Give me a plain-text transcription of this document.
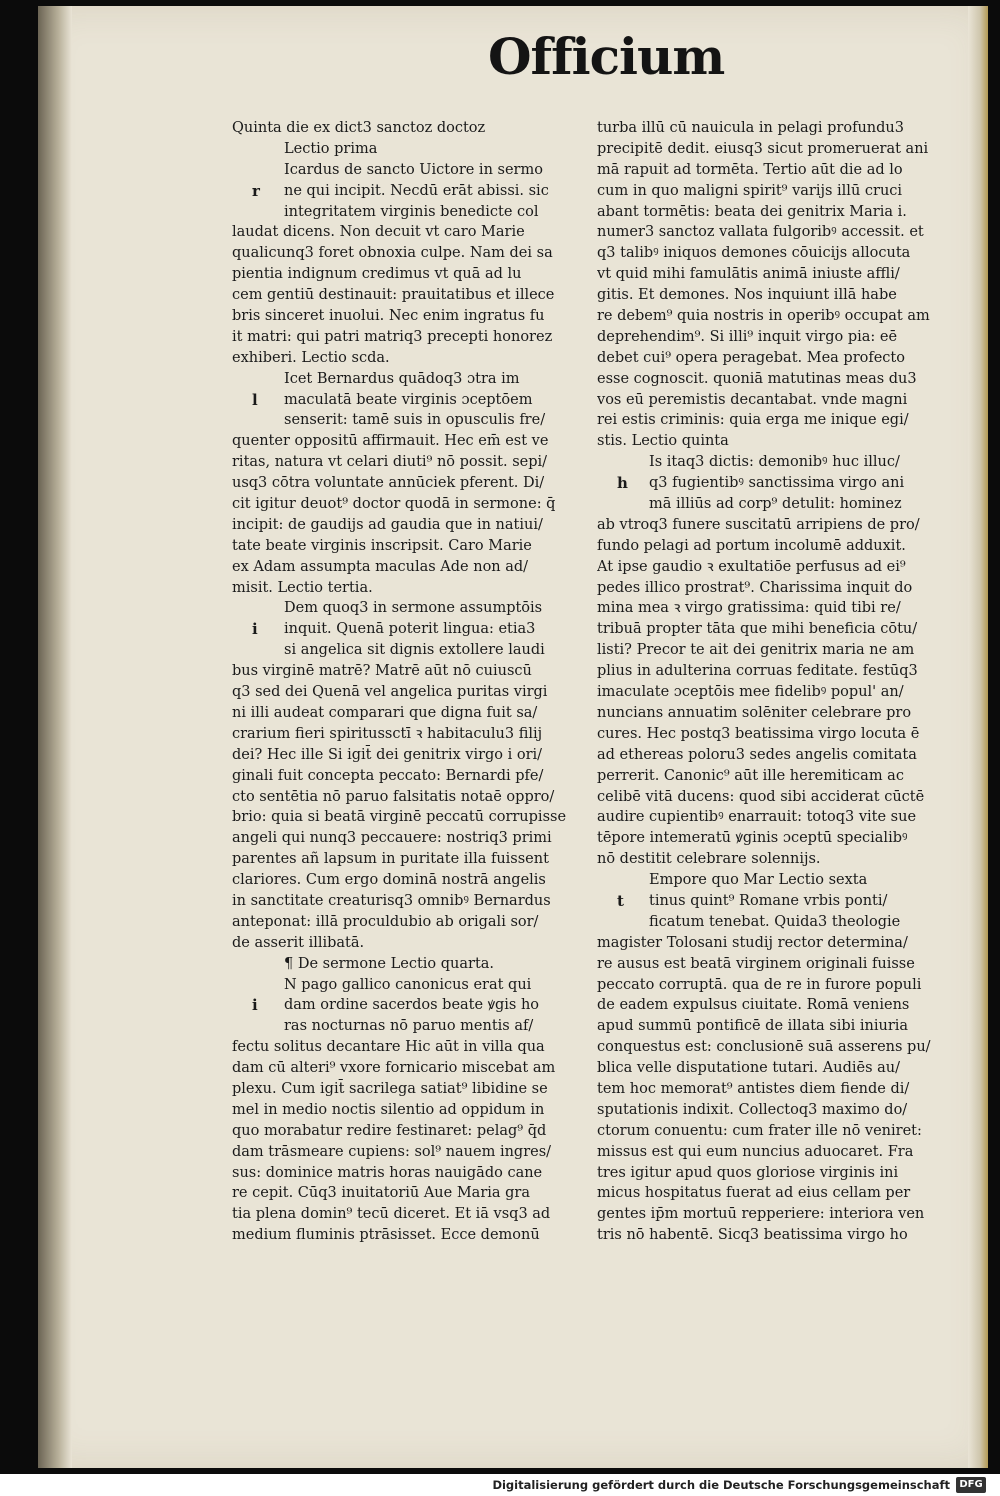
Officium
Quinta die ex dict3 sanctoz doctoz
Lectio prima
Icardus de sancto Uictore in sermo
r ne qui incipit. Necdū erāt abissi. sic
integritatem virginis benedicte col
laudat dicens. Non decuit vt caro Marie
qualicunq3 foret obnoxia culpe. Nam dei sa
pientia indignum credimus vt quā ad lu
cem gentiū destinauit: prauitatibus et illece
bris sinceret inuolui. Nec enim ingratus fu
it matri: qui patri matriq3 precepti honorez
exhiberi. Lectio scda.
Icet Bernardus quādoq3 ɔtra im
l maculatā beate virginis ɔceptōem
senserit: tamē suis in opusculis fre/
quenter oppositū affirmauit. Hec em̄ est ve
ritas, natura vt celari diuti⁹ nō possit. sepi/
usq3 cōtra voluntate annūciek pferent. Di/
cit igitur deuot⁹ doctor quodā in sermone: q̄
incipit: de gaudijs ad gaudia que in natiui/
tate beate virginis inscripsit. Caro Marie
ex Adam assumpta maculas Ade non ad/
misit. Lectio tertia.
Dem quoq3 in sermone assumptōis
i inquit. Quenā poterit lingua: etia3
si angelica sit dignis extollere laudi
bus virginē matrē? Matrē aūt nō cuiuscū
q3 sed dei Quenā vel angelica puritas virgi
ni illi audeat comparari que digna fuit sa/
crarium fieri spiritussctī ꝛ habitaculu3 filij
dei? Hec ille Si igit̄ dei genitrix virgo i ori/
ginali fuit concepta peccato: Bernardi pfe/
cto sentētia nō paruo falsitatis notaē oppro/
brio: quia si beatā virginē peccatū corrupisse
angeli qui nunq3 peccauere: nostriq3 primi
parentes añ lapsum in puritate illa fuissent
clariores. Cum ergo dominā nostrā angelis
in sanctitate creaturisq3 omnibꝰ Bernardus
anteponat: illā proculdubio ab origali sor/
de asserit illibatā.
¶ De sermone Lectio quarta.
N pago gallico canonicus erat qui
i dam ordine sacerdos beate ꝟgis ho
ras nocturnas nō paruo mentis af/
fectu solitus decantare Hic aūt in villa qua
dam cū alteri⁹ vxore fornicario miscebat am
plexu. Cum igit̄ sacrilega satiat⁹ libidine se
mel in medio noctis silentio ad oppidum in
quo morabatur redire festinaret: pelag⁹ q̄d
dam trāsmeare cupiens: sol⁹ nauem ingres/
sus: dominice matris horas nauigādo cane
re cepit. Cūq3 inuitatoriū Aue Maria gra
tia plena domin⁹ tecū diceret. Et iā vsq3 ad
medium fluminis ptrāsisset. Ecce demonū
turba illū cū nauicula in pelagi profundu3
precipitē dedit. eiusq3 sicut promeruerat ani
mā rapuit ad tormēta. Tertio aūt die ad lo
cum in quo maligni spirit⁹ varijs illū cruci
abant tormētis: beata dei genitrix Maria i.
numer3 sanctoz vallata fulgoribꝰ accessit. et
q3 talibꝰ iniquos demones cōuicijs allocuta
vt quid mihi famulātis animā iniuste affli/
gitis. Et demones. Nos inquiunt illā habe
re debem⁹ quia nostris in operibꝰ occupat am
deprehendim⁹. Si illi⁹ inquit virgo pia: eē
debet cui⁹ opera peragebat. Mea profecto
esse cognoscit. quoniā matutinas meas du3
vos eū peremistis decantabat. vnde magni
rei estis criminis: quia erga me inique egi/
stis. Lectio quinta
Is itaq3 dictis: demonibꝰ huc illuc/
h q3 fugientibꝰ sanctissima virgo ani
mā illiūs ad corp⁹ detulit: hominez
ab vtroq3 funere suscitatū arripiens de pro/
fundo pelagi ad portum incolumē adduxit.
At ipse gaudio ꝛ exultatiōe perfusus ad ei⁹
pedes illico prostrat⁹. Charissima inquit do
mina mea ꝛ virgo gratissima: quid tibi re/
tribuā propter tāta que mihi beneficia cōtu/
listi? Precor te ait dei genitrix maria ne am
plius in adulterina corruas feditate. festūq3
imaculate ɔceptōis mee fidelibꝰ popul' an/
nuncians annuatim solēniter celebrare pro
cures. Hec postq3 beatissima virgo locuta ē
ad ethereas poloru3 sedes angelis comitata
perrerit. Canonic⁹ aūt ille heremiticam ac
celibē vitā ducens: quod sibi acciderat cūctē
audire cupientibꝰ enarrauit: totoq3 vite sue
tēpore intemeratū ꝟginis ɔceptū specialibꝰ
nō destitit celebrare solennijs.
Empore quo Mar Lectio sexta
t tinus quint⁹ Romane vrbis ponti/
ficatum tenebat. Quida3 theologie
magister Tolosani studij rector determina/
re ausus est beatā virginem originali fuisse
peccato corruptā. qua de re in furore populi
de eadem expulsus ciuitate. Romā veniens
apud summū pontificē de illata sibi iniuria
conquestus est: conclusionē suā asserens pu/
blica velle disputatione tutari. Audiēs au/
tem hoc memorat⁹ antistes diem fiende di/
sputationis indixit. Collectoq3 maximo do/
ctorum conuentu: cum frater ille nō veniret:
missus est qui eum nuncius aduocaret. Fra
tres igitur apud quos gloriose virginis ini
micus hospitatus fuerat ad eius cellam per
gentes ip̄m mortuū repperiere: interiora ven
tris nō habentē. Sicq3 beatissima virgo ho
Digitalisierung gefördert durch die Deutsche Forschungsgemeinschaft DFG
